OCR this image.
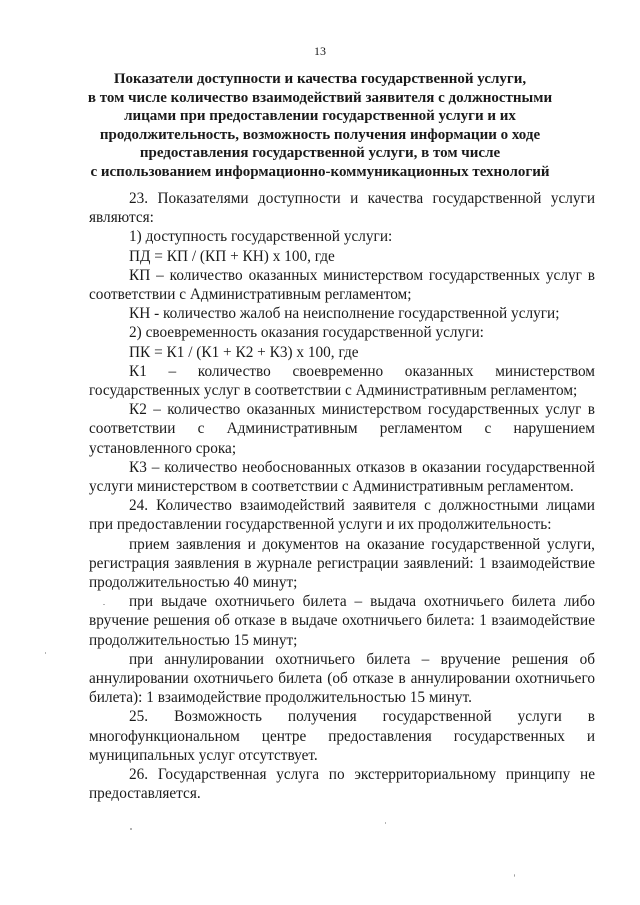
13
Показатели доступности и качества государственной услуги,
в том числе количество взаимодействий заявителя с должностными
лицами при предоставлении государственной услуги и их
продолжительность, возможность получения информации о ходе
предоставления государственной услуги, в том числе
с использованием информационно-коммуникационных технологий

23. Показателями доступности и качества государственной услуги являются:

1) доступность государственной услуги:

ПД = КП / (КП + КН) х 100, где

КП – количество оказанных министерством государственных услуг в соответствии с Административным регламентом;

КН - количество жалоб на неисполнение государственной услуги;

2) своевременность оказания государственной услуги:

ПК = К1 / (К1 + К2 + К3) х 100, где

К1 – количество своевременно оказанных министерством государственных услуг в соответствии с Административным регламентом;

К2 – количество оказанных министерством государственных услуг в соответствии с Административным регламентом с нарушением установленного срока;

К3 – количество необоснованных отказов в оказании государственной услуги министерством в соответствии с Административным регламентом.

24. Количество взаимодействий заявителя с должностными лицами при предоставлении государственной услуги и их продолжительность:

прием заявления и документов на оказание государственной услуги, регистрация заявления в журнале регистрации заявлений: 1 взаимодействие продолжительностью 40 минут;

при выдаче охотничьего билета – выдача охотничьего билета либо вручение решения об отказе в выдаче охотничьего билета: 1 взаимодействие продолжительностью 15 минут;

при аннулировании охотничьего билета – вручение решения об аннулировании охотничьего билета (об отказе в аннулировании охотничьего билета): 1 взаимодействие продолжительностью 15 минут.

25. Возможность получения государственной услуги в многофункциональном центре предоставления государственных и муниципальных услуг отсутствует.

26. Государственная услуга по экстерриториальному принципу не предоставляется.
